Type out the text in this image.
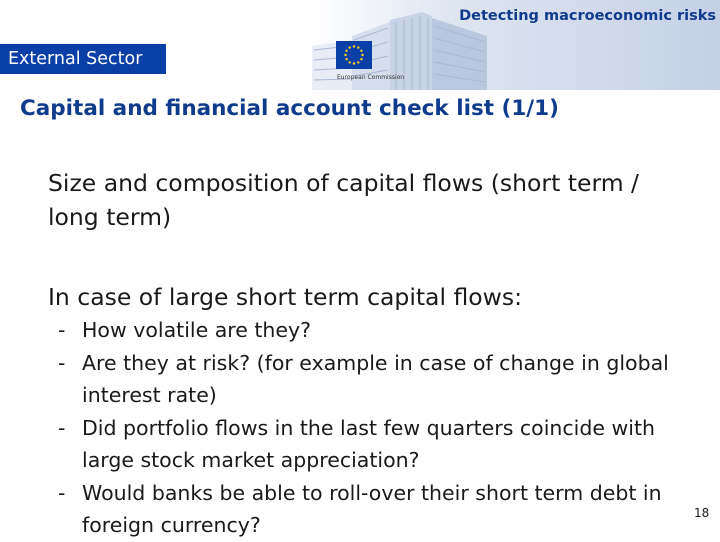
European Commission
Detecting macroeconomic risks
External Sector
Capital and financial account check list (1/1)
Size and composition of capital flows (short term / long term)
In case of large short term capital flows:
- How volatile are they?
- Are they at risk? (for example in case of change in global interest rate)
- Did portfolio flows in the last few quarters coincide with large stock market appreciation?
- Would banks be able to roll-over their short term debt in foreign currency?	18
